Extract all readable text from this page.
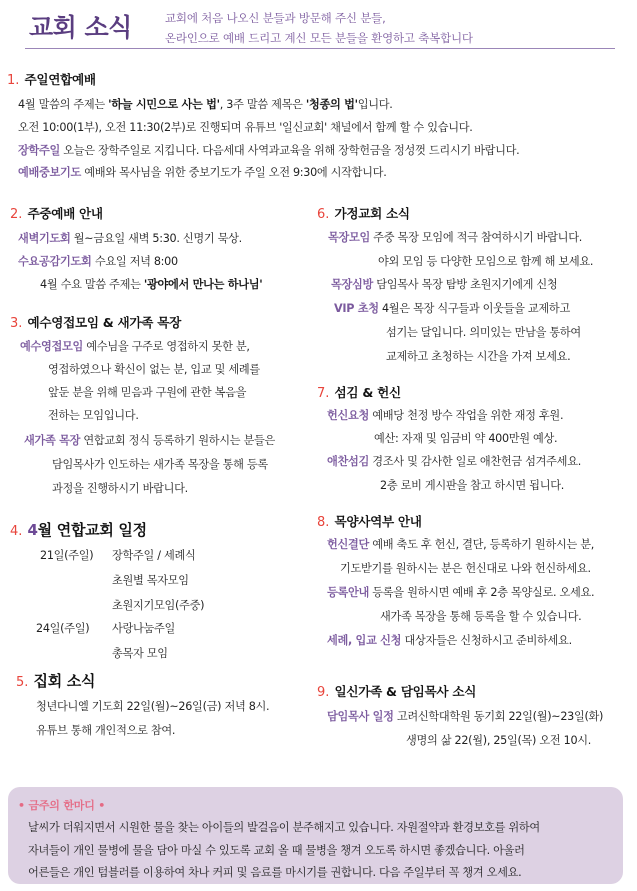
교회 소식	교회에 처음 나오신 분들과 방문해 주신 분들,
온라인으로 예배 드리고 계신 모든 분들을 환영하고 축복합니다
1. 주일연합예배
4월 말씀의 주제는 '하늘 시민으로 사는 법', 3주 말씀 제목은 '청종의 법'입니다.
오전 10:00(1부), 오전 11:30(2부)로 진행되며 유튜브 '일신교회' 채널에서 함께 할 수 있습니다.
장학주일 오늘은 장학주일로 지킵니다. 다음세대 사역과교육을 위해 장학헌금을 정성껏 드리시기 바랍니다.
예배중보기도 예배와 목사님을 위한 중보기도가 주일 오전 9:30에 시작합니다.
2. 주중예배 안내
새벽기도회 월~금요일 새벽 5:30. 신명기 묵상.
수요공감기도회 수요일 저녁 8:00
4월 수요 말씀 주제는 '광야에서 만나는 하나님'
3. 예수영접모임 & 새가족 목장
예수영접모임 예수님을 구주로 영접하지 못한 분,
영접하였으나 확신이 없는 분, 입교 및 세례를
앞둔 분을 위해 믿음과 구원에 관한 복음을
전하는 모임입니다.
새가족 목장 연합교회 정식 등록하기 원하시는 분들은
담임목사가 인도하는 새가족 목장을 통해 등록
과정을 진행하시기 바랍니다.
4. 4월 연합교회 일정
21일(주일) 장학주일 / 세례식
초원별 목자모임
초원지기모임(주중)
24일(주일) 사랑나눔주일
총목자 모임
5. 집회 소식
청년다니엘 기도회 22일(월)~26일(금) 저녁 8시.
유튜브 통해 개인적으로 참여.
6. 가정교회 소식
목장모임 주중 목장 모임에 적극 참여하시기 바랍니다.
야외 모임 등 다양한 모임으로 함께 해 보세요.
목장심방 담임목사 목장 탐방 초원지기에게 신청
VIP 초청 4월은 목장 식구들과 이웃들을 교제하고
섬기는 달입니다. 의미있는 만남을 통하여
교제하고 초청하는 시간을 가져 보세요.
7. 섬김 & 헌신
헌신요청 예배당 천정 방수 작업을 위한 재정 후원.
예산: 자재 및 임금비 약 400만원 예상.
애찬섬김 경조사 및 감사한 일로 애찬헌금 섬겨주세요.
2층 로비 게시판을 참고 하시면 됩니다.
8. 목양사역부 안내
헌신결단 예배 축도 후 헌신, 결단, 등록하기 원하시는 분,
기도받기를 원하시는 분은 헌신대로 나와 헌신하세요.
등록안내 등록을 원하시면 예배 후 2층 목양실로. 오세요.
새가족 목장을 통해 등록을 할 수 있습니다.
세례, 입교 신청 대상자들은 신청하시고 준비하세요.
9. 일신가족 & 담임목사 소식
담임목사 일정 고려신학대학원 동기회 22일(월)~23일(화)
생명의 삶 22(월), 25일(목) 오전 10시.
• 금주의 한마디 •
날씨가 더워지면서 시원한 물을 찾는 아이들의 발걸음이 분주해지고 있습니다. 자원절약과 환경보호를 위하여
자녀들이 개인 물병에 물을 담아 마실 수 있도록 교회 올 때 물병을 챙겨 오도록 하시면 좋겠습니다. 아울러
어른들은 개인 텀블러를 이용하여 차나 커피 및 음료를 마시기를 권합니다. 다음 주일부터 꼭 챙겨 오세요.
